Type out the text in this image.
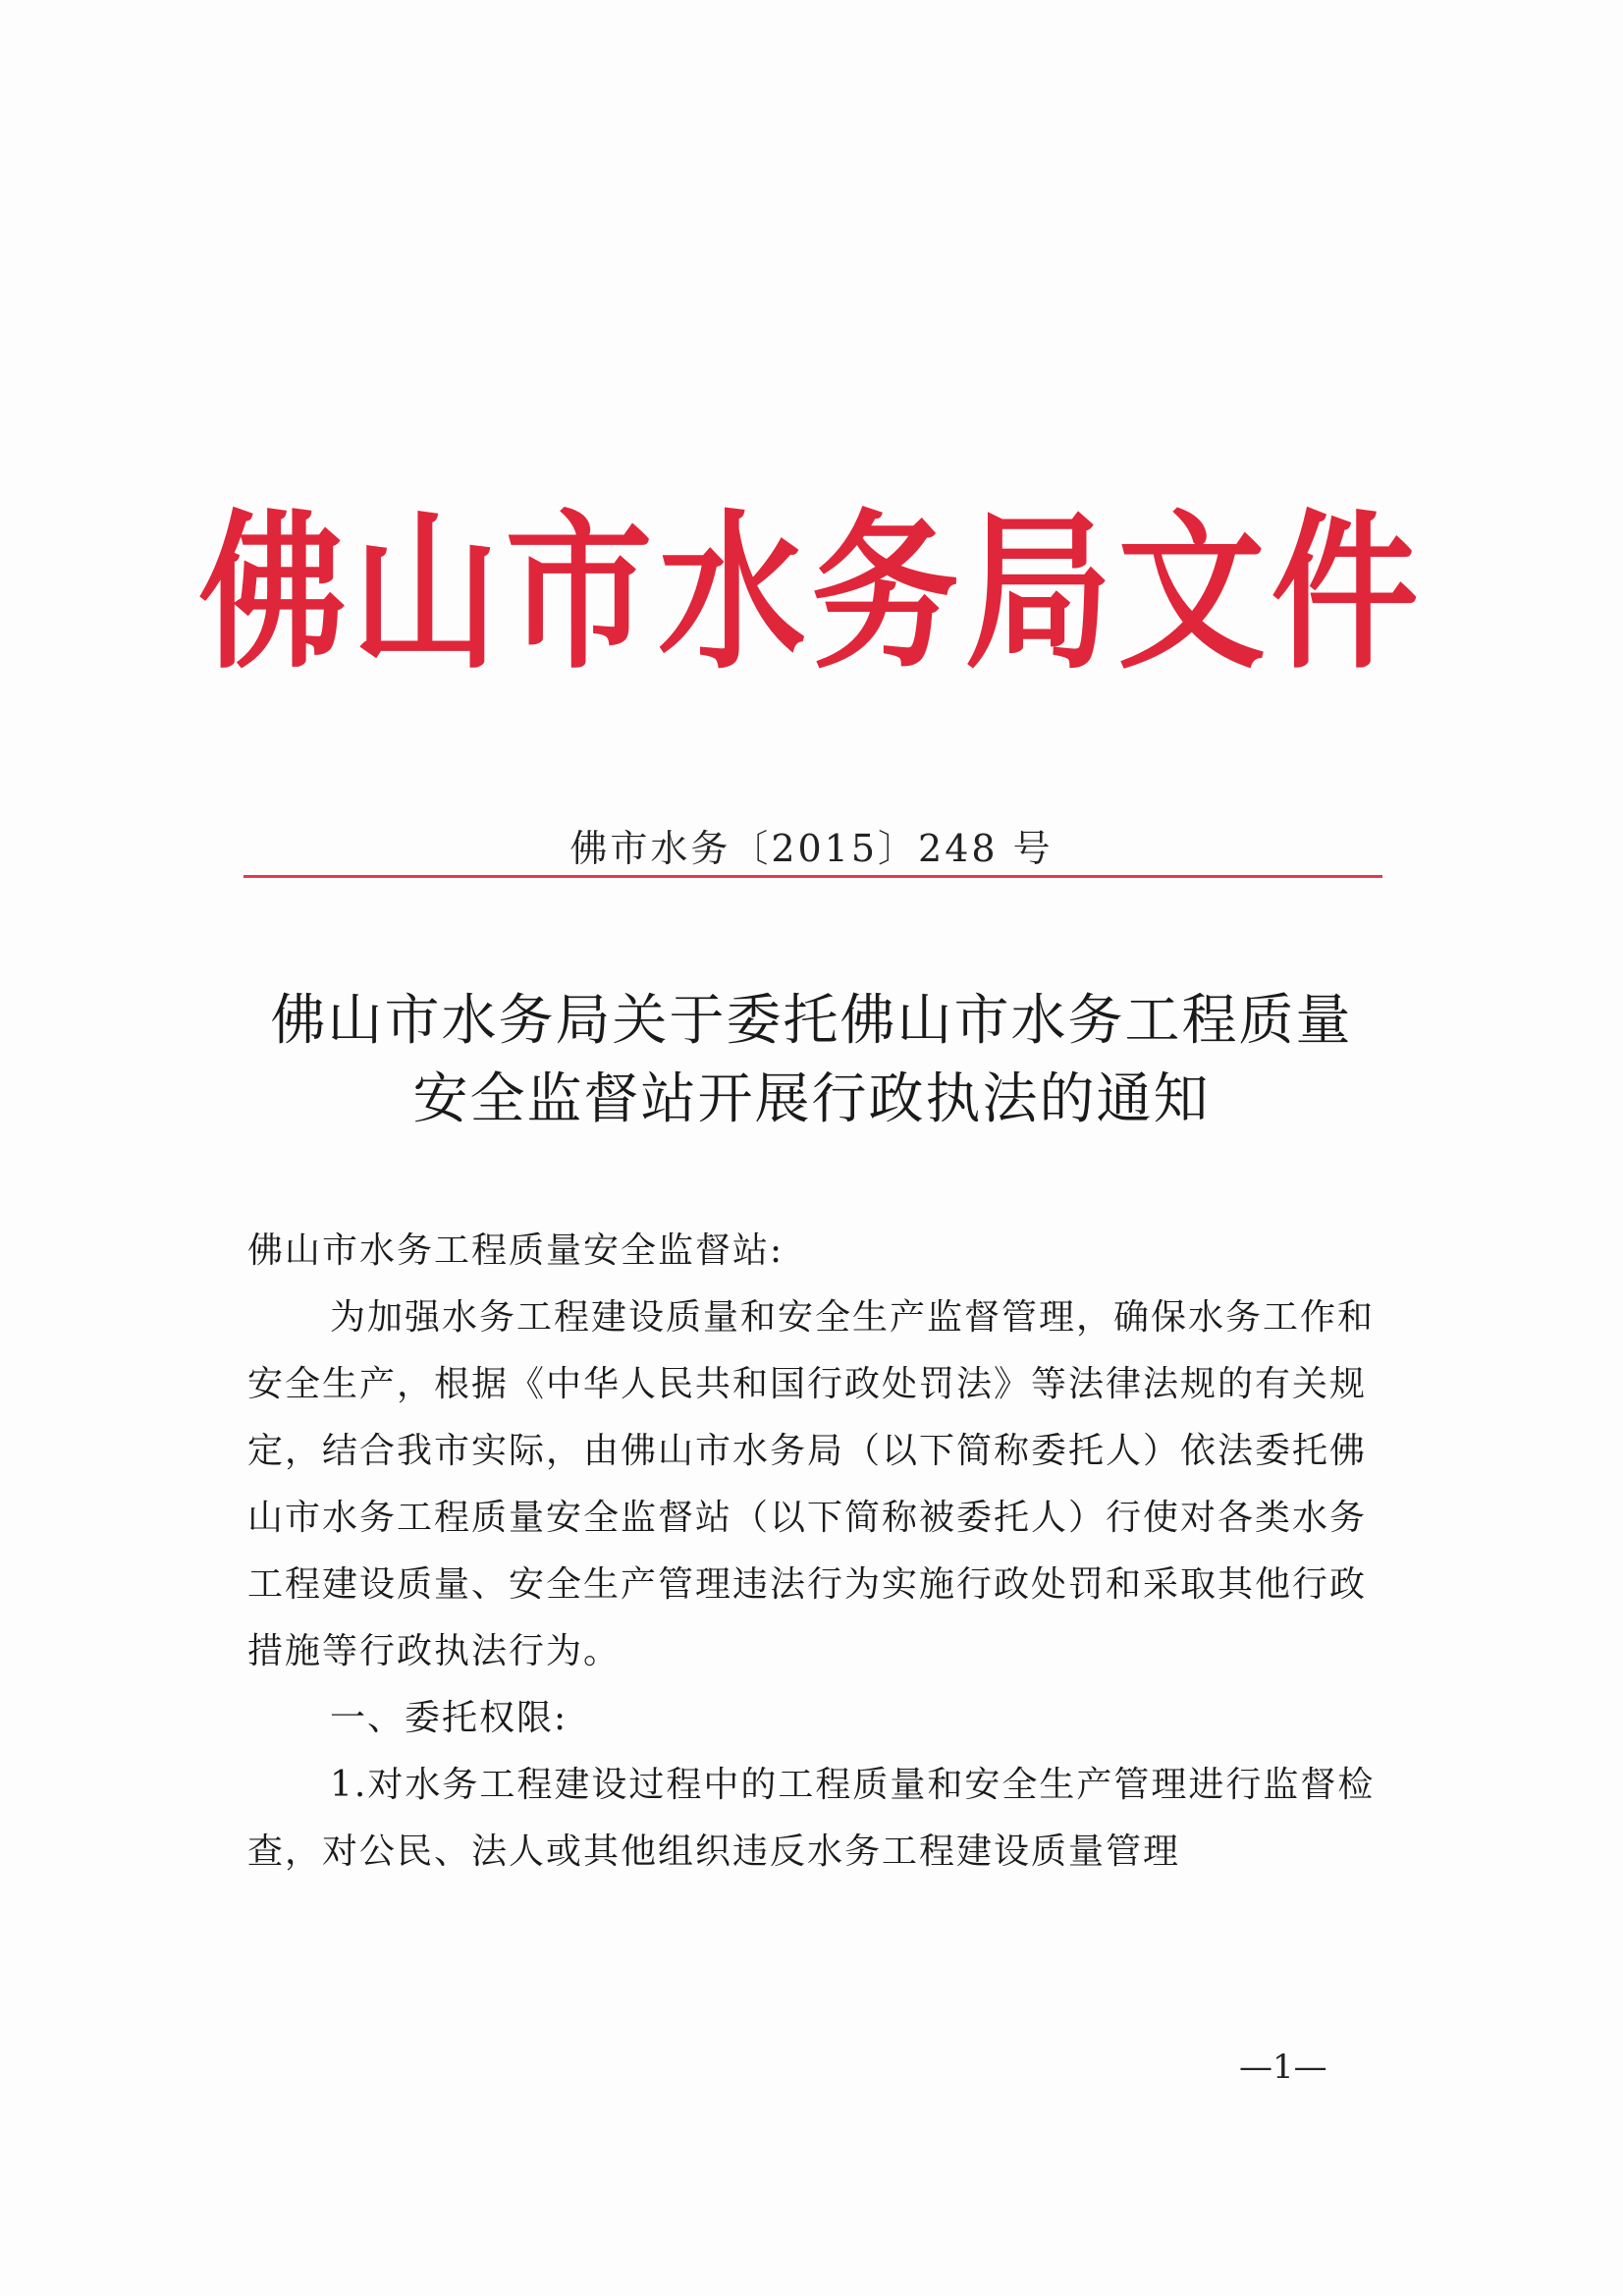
佛山市水务局文件
佛市水务〔2015〕248 号
佛山市水务局关于委托佛山市水务工程质量
安全监督站开展行政执法的通知

佛山市水务工程质量安全监督站:

为加强水务工程建设质量和安全生产监督管理，确保水务工作和安全生产，根据《中华人民共和国行政处罚法》等法律法规的有关规定，结合我市实际，由佛山市水务局（以下简称委托人）依法委托佛山市水务工程质量安全监督站（以下简称被委托人）行使对各类水务工程建设质量、安全生产管理违法行为实施行政处罚和采取其他行政措施等行政执法行为。

一、委托权限:

1.对水务工程建设过程中的工程质量和安全生产管理进行监督检查，对公民、法人或其他组织违反水务工程建设质量管理

—1—
